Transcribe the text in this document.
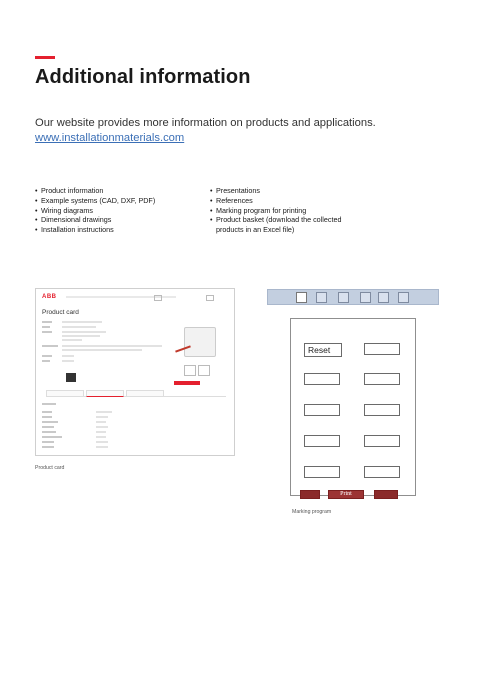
Additional information
Our website provides more information on products and applications.
www.installationmaterials.com
• Product information
• Example systems (CAD, DXF, PDF)
• Wiring diagrams
• Dimensional drawings
• Installation instructions
• Presentations
• References
• Marking program for printing
• Product basket (download the collected products in an Excel file)
ABB
Product card
Product card
Reset
Print
Marking program
